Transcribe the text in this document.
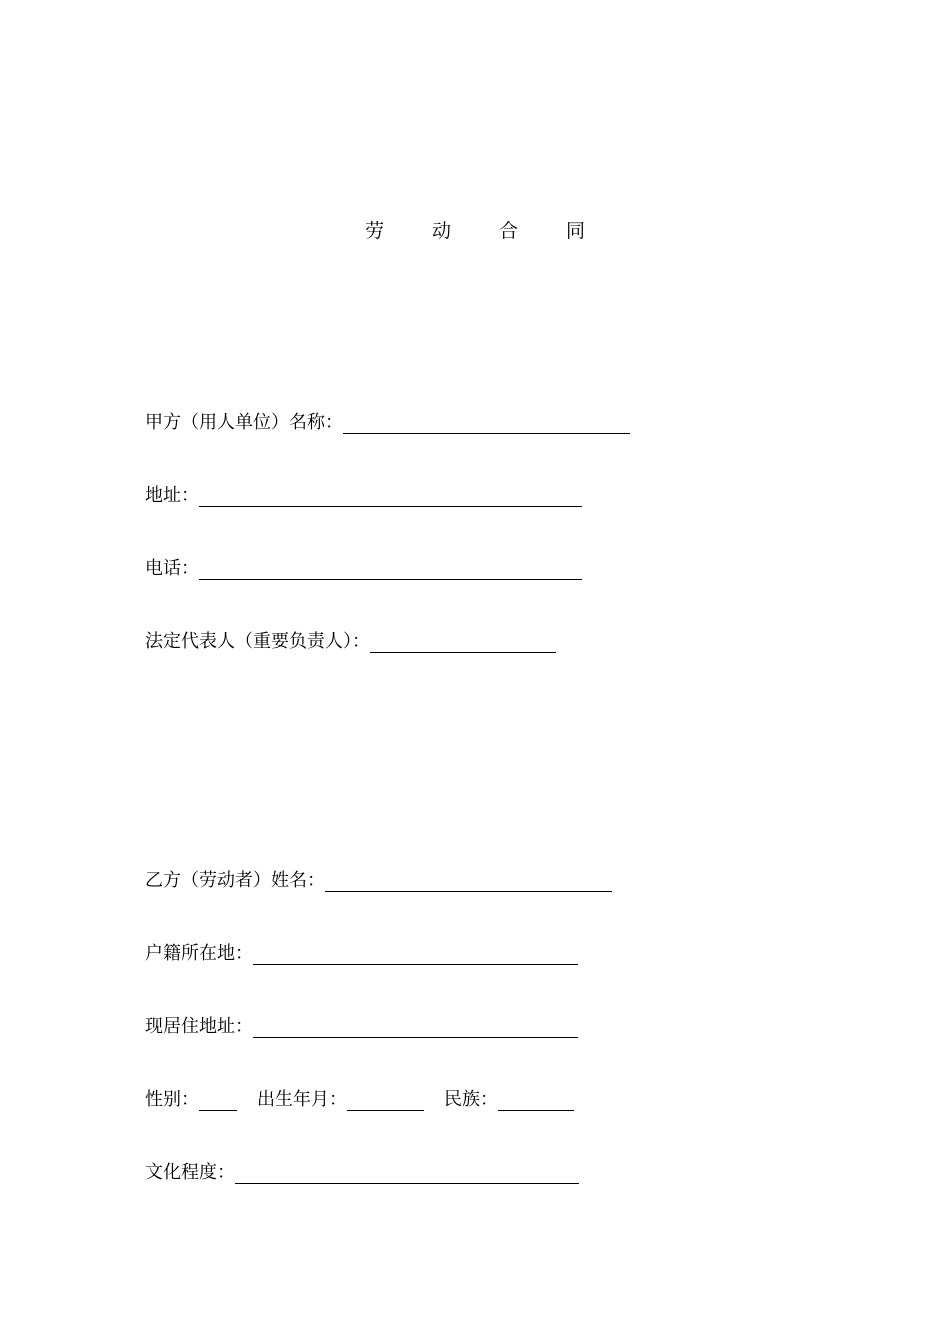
劳 动 合 同
甲方（用人单位）名称：
地址：
电话：
法定代表人（重要负责人）：
乙方（劳动者）姓名：
户籍所在地：
现居住地址：
性别：	出生年月：	民族：
文化程度：
